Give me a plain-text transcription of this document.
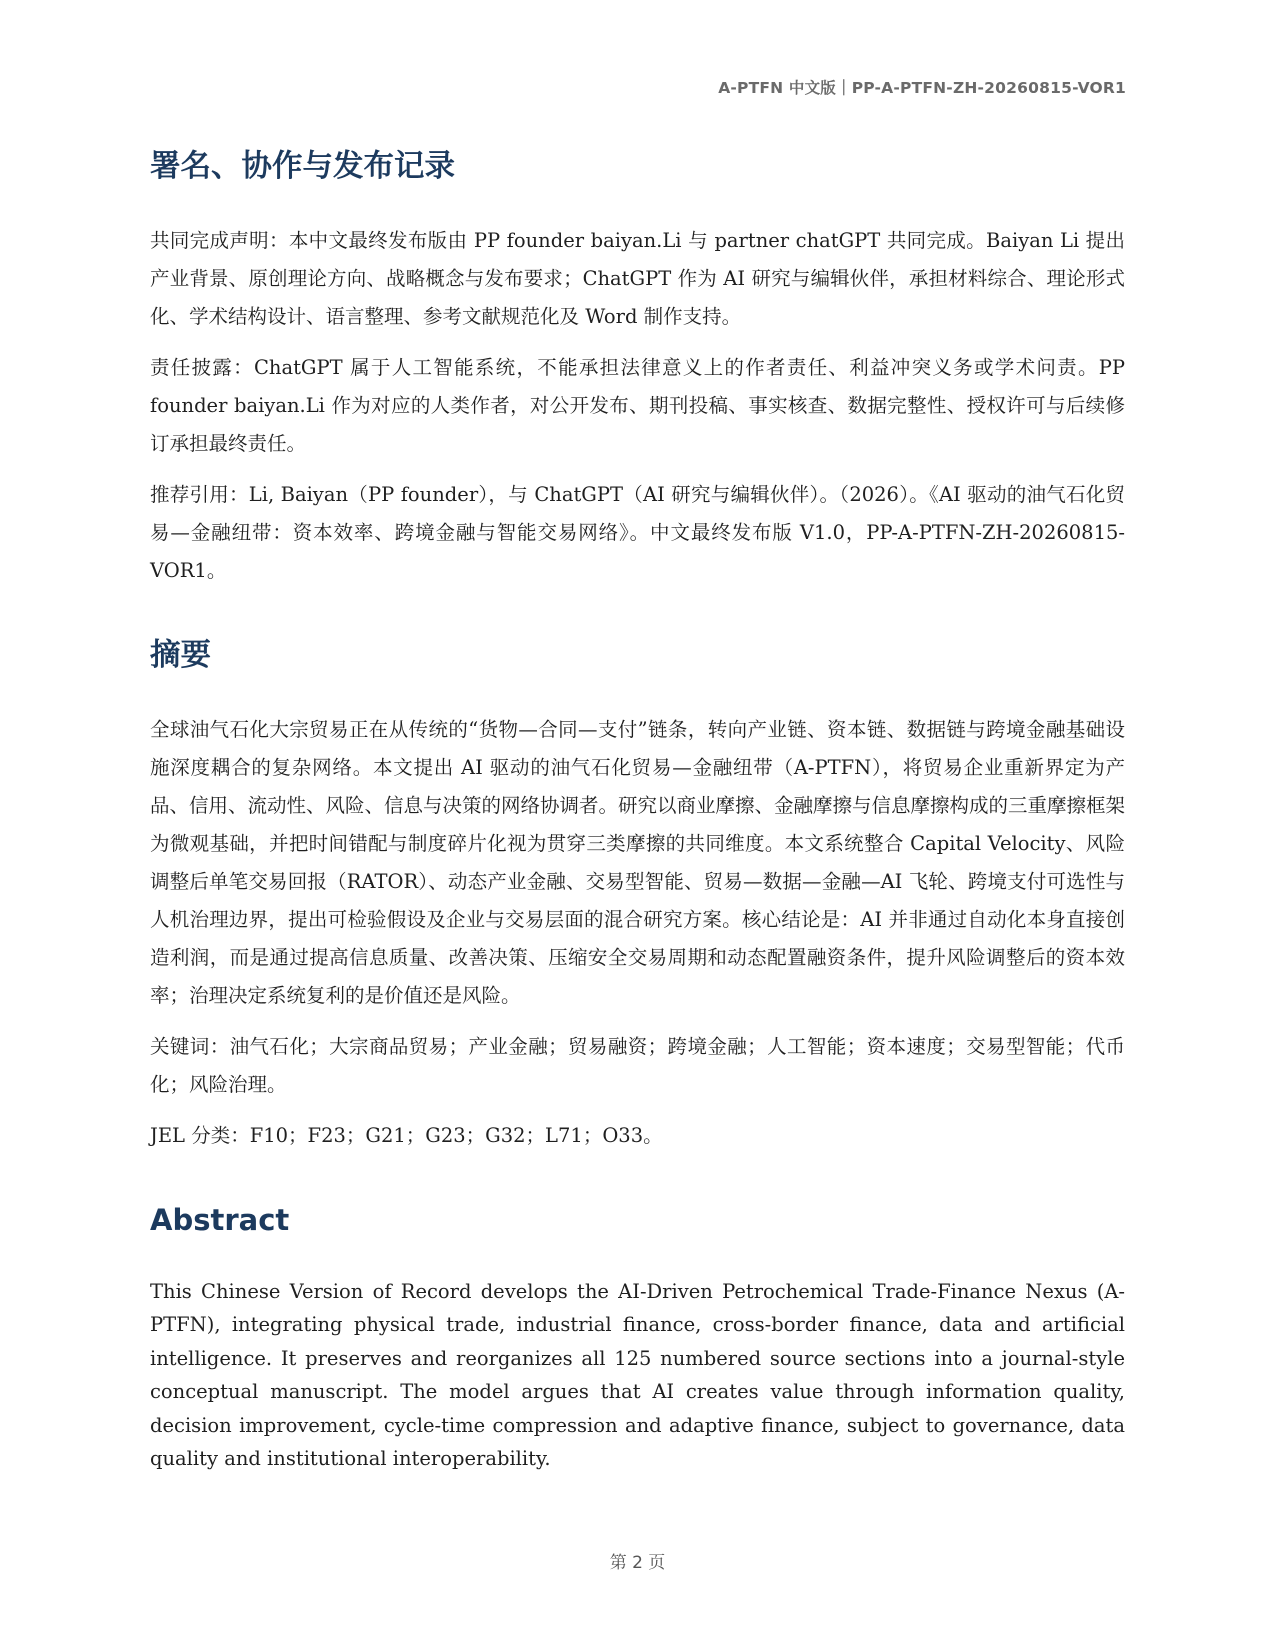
A-PTFN 中文版｜PP-A-PTFN-ZH-20260815-VOR1
署名、协作与发布记录

共同完成声明：本中文最终发布版由 PP founder baiyan.Li 与 partner chatGPT 共同完成。Baiyan Li 提出产业背景、原创理论方向、战略概念与发布要求；ChatGPT 作为 AI 研究与编辑伙伴，承担材料综合、理论形式化、学术结构设计、语言整理、参考文献规范化及 Word 制作支持。

责任披露：ChatGPT 属于人工智能系统，不能承担法律意义上的作者责任、利益冲突义务或学术问责。PP founder baiyan.Li 作为对应的人类作者，对公开发布、期刊投稿、事实核查、数据完整性、授权许可与后续修订承担最终责任。

推荐引用：Li, Baiyan（PP founder），与 ChatGPT（AI 研究与编辑伙伴）。（2026）。《AI 驱动的油气石化贸易—金融纽带：资本效率、跨境金融与智能交易网络》。中文最终发布版 V1.0，PP-A-PTFN-ZH-20260815-VOR1。

摘要

全球油气石化大宗贸易正在从传统的“货物—合同—支付”链条，转向产业链、资本链、数据链与跨境金融基础设施深度耦合的复杂网络。本文提出 AI 驱动的油气石化贸易—金融纽带（A-PTFN），将贸易企业重新界定为产品、信用、流动性、风险、信息与决策的网络协调者。研究以商业摩擦、金融摩擦与信息摩擦构成的三重摩擦框架为微观基础，并把时间错配与制度碎片化视为贯穿三类摩擦的共同维度。本文系统整合 Capital Velocity、风险调整后单笔交易回报（RATOR）、动态产业金融、交易型智能、贸易—数据—金融—AI 飞轮、跨境支付可选性与人机治理边界，提出可检验假设及企业与交易层面的混合研究方案。核心结论是：AI 并非通过自动化本身直接创造利润，而是通过提高信息质量、改善决策、压缩安全交易周期和动态配置融资条件，提升风险调整后的资本效率；治理决定系统复利的是价值还是风险。

关键词：油气石化；大宗商品贸易；产业金融；贸易融资；跨境金融；人工智能；资本速度；交易型智能；代币化；风险治理。

JEL 分类：F10；F23；G21；G23；G32；L71；O33。

Abstract

This Chinese Version of Record develops the AI-Driven Petrochemical Trade-Finance Nexus (A-PTFN), integrating physical trade, industrial finance, cross-border finance, data and artificial intelligence. It preserves and reorganizes all 125 numbered source sections into a journal-style conceptual manuscript. The model argues that AI creates value through information quality, decision improvement, cycle-time compression and adaptive finance, subject to governance, data quality and institutional interoperability.

第 2 页
